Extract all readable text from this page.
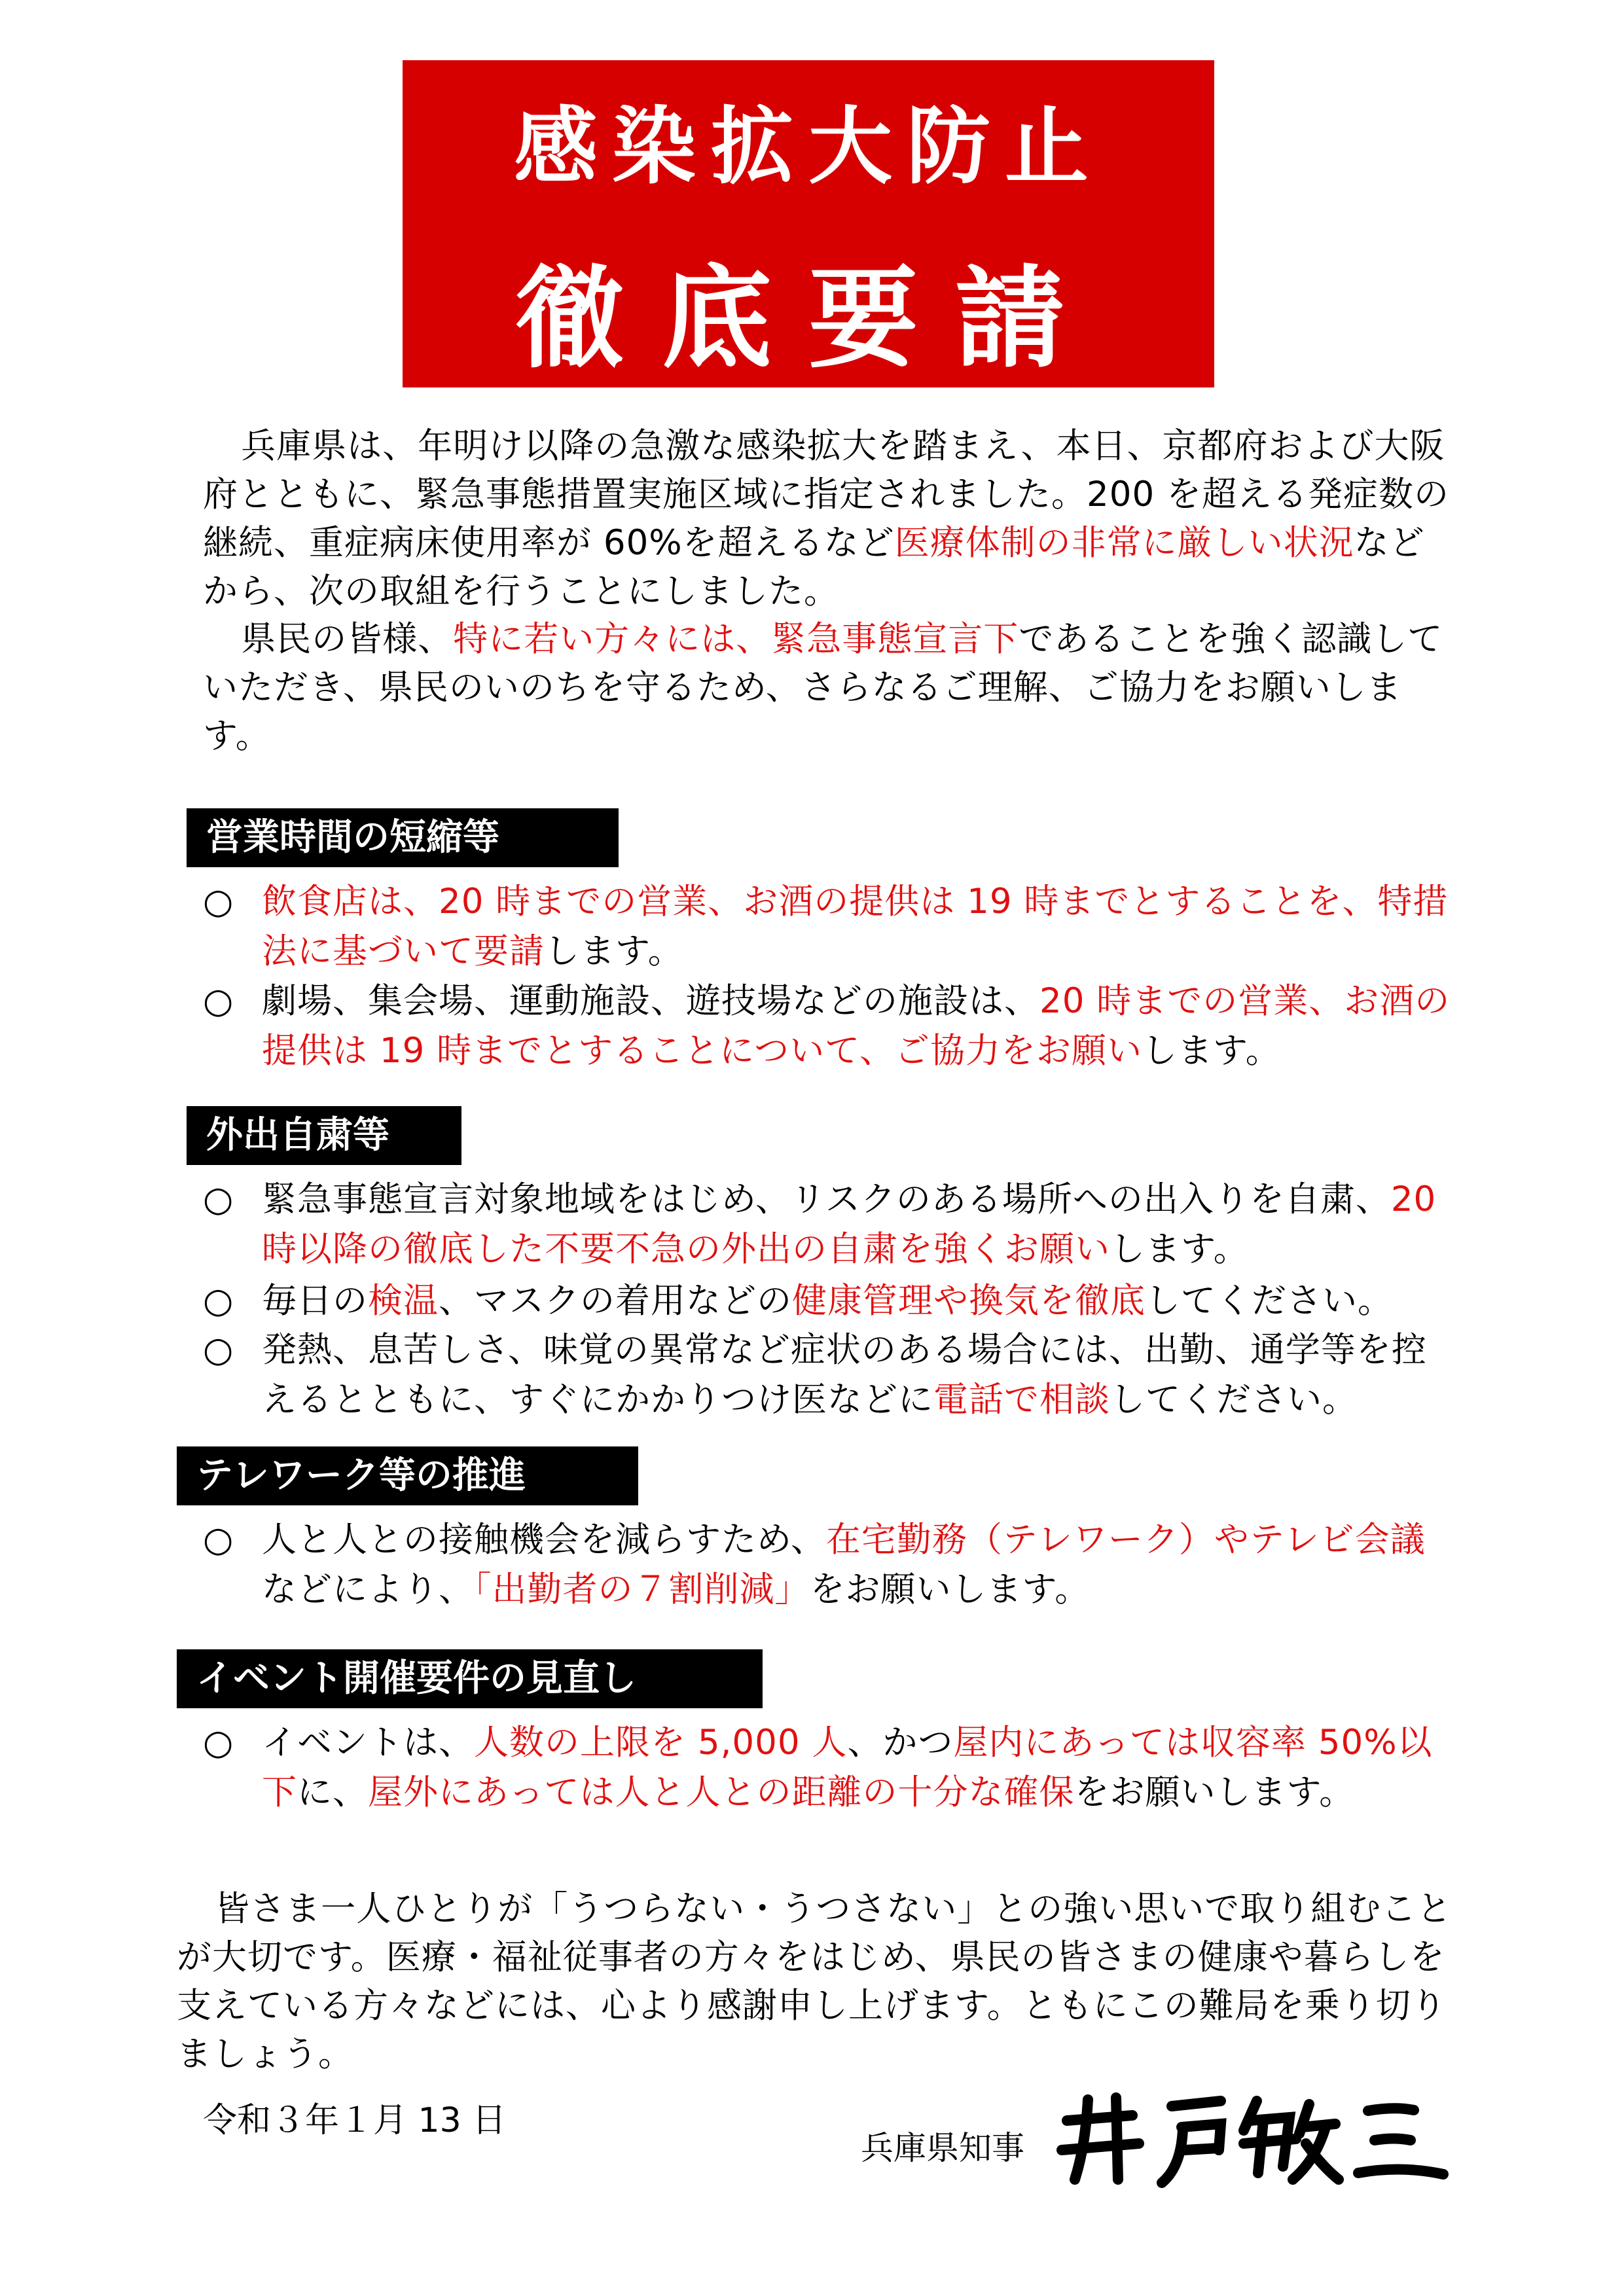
感染拡大防止
徹底要請
兵庫県は、年明け以降の急激な感染拡大を踏まえ、本日、京都府および大阪府とともに、緊急事態措置実施区域に指定されました。200 を超える発症数の継続、重症病床使用率が 60%を超えるなど医療体制の非常に厳しい状況などから、次の取組を行うことにしました。
県民の皆様、特に若い方々には、緊急事態宣言下であることを強く認識していただき、県民のいのちを守るため、さらなるご理解、ご協力をお願いします。
営業時間の短縮等
○ 飲食店は、20 時までの営業、お酒の提供は 19 時までとすることを、特措法に基づいて要請します。
○ 劇場、集会場、運動施設、遊技場などの施設は、20 時までの営業、お酒の提供は 19 時までとすることについて、ご協力をお願いします。
外出自粛等
○ 緊急事態宣言対象地域をはじめ、リスクのある場所への出入りを自粛、20 時以降の徹底した不要不急の外出の自粛を強くお願いします。
○ 毎日の検温、マスクの着用などの健康管理や換気を徹底してください。
○ 発熱、息苦しさ、味覚の異常など症状のある場合には、出勤、通学等を控えるとともに、すぐにかかりつけ医などに電話で相談してください。
テレワーク等の推進
○ 人と人との接触機会を減らすため、在宅勤務（テレワーク）やテレビ会議などにより、「出勤者の７割削減」をお願いします。
イベント開催要件の見直し
○ イベントは、人数の上限を 5,000 人、かつ屋内にあっては収容率 50%以下に、屋外にあっては人と人との距離の十分な確保をお願いします。
皆さま一人ひとりが「うつらない・うつさない」との強い思いで取り組むことが大切です。医療・福祉従事者の方々をはじめ、県民の皆さまの健康や暮らしを支えている方々などには、心より感謝申し上げます。ともにこの難局を乗り切りましょう。
令和３年１月 13 日
兵庫県知事
